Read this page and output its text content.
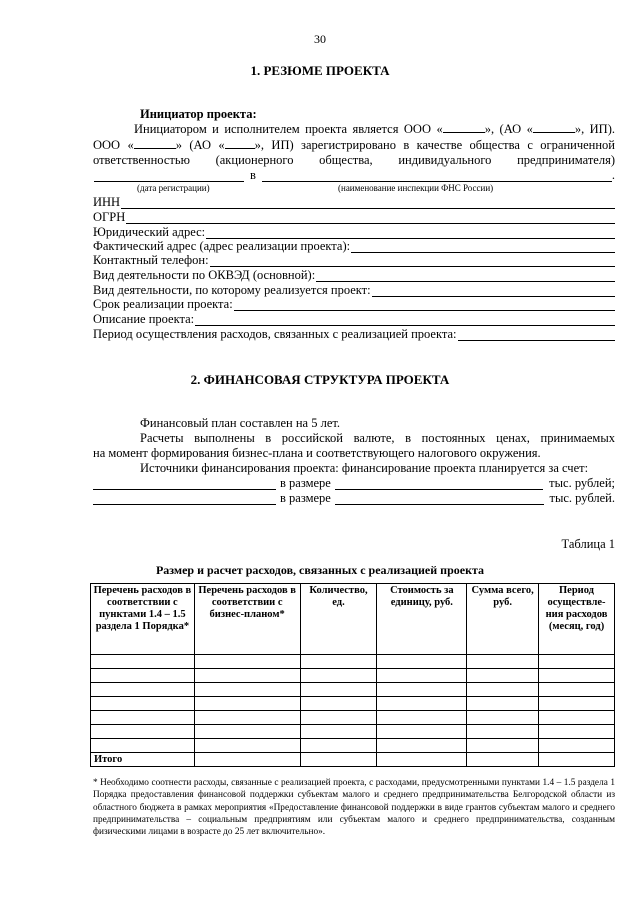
30
1. РЕЗЮМЕ ПРОЕКТА
Инициатор проекта:
Инициатором и исполнителем проекта является ООО «	», (АО «	», ИП).
ООО «	» (АО « », ИП) зарегистрировано в качестве общества с ограниченной
ответственностью (акционерного общества, индивидуального предпринимателя)
в	.
(дата регистрации)	(наименование инспекции ФНС России)
ИНН
ОГРН
Юридический адрес:
Фактический адрес (адрес реализации проекта):
Контактный телефон:
Вид деятельности по ОКВЭД (основной):
Вид деятельности, по которому реализуется проект:
Срок реализации проекта:
Описание проекта:
Период осуществления расходов, связанных с реализацией проекта:
2. ФИНАНСОВАЯ СТРУКТУРА ПРОЕКТА
Финансовый план составлен на 5 лет.
Расчеты выполнены в российской валюте, в постоянных ценах, принимаемых
на момент формирования бизнес-плана и соответствующего налогового окружения.
Источники финансирования проекта: финансирование проекта планируется за счет:
в размере	тыс. рублей;
в размере	тыс. рублей.
Таблица 1
Размер и расчет расходов, связанных с реализацией проекта
Перечень расходов в соответствии с пунктами 1.4 – 1.5 раздела 1 Порядка*	Перечень расходов в соответствии с бизнес-планом*	Количество, ед.	Стоимость за единицу, руб.	Сумма всего, руб.	Период осуществле-ния расходов (месяц, год)

Итого					
* Необходимо соотнести расходы, связанные с реализацией проекта, с расходами, предусмотренными пунктами 1.4 – 1.5 раздела 1 Порядка предоставления финансовой поддержки субъектам малого и среднего предпринимательства Белгородской области из областного бюджета в рамках мероприятия «Предоставление финансовой поддержки в виде грантов субъектам малого и среднего предпринимательства – социальным предприятиям или субъектам малого и среднего предпринимательства, созданным физическими лицами в возрасте до 25 лет включительно».
